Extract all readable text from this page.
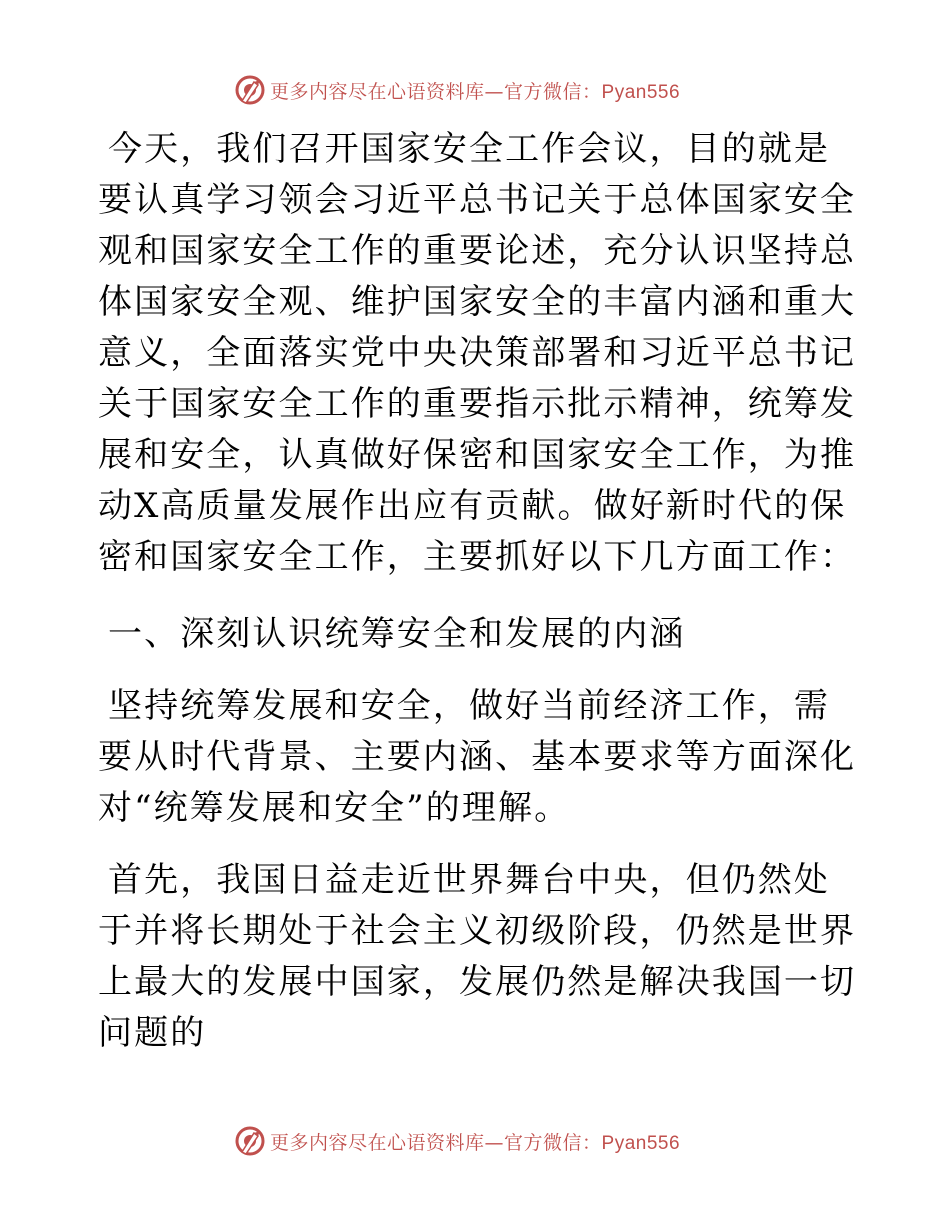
更多内容尽在心语资料库—官方微信：Pyan556

今天，我们召开国家安全工作会议，目的就是要认真学习领会习近平总书记关于总体国家安全观和国家安全工作的重要论述，充分认识坚持总体国家安全观、维护国家安全的丰富内涵和重大意义，全面落实党中央决策部署和习近平总书记关于国家安全工作的重要指示批示精神，统筹发展和安全，认真做好保密和国家安全工作，为推动X高质量发展作出应有贡献。做好新时代的保密和国家安全工作，主要抓好以下几方面工作：

一、深刻认识统筹安全和发展的内涵

坚持统筹发展和安全，做好当前经济工作，需要从时代背景、主要内涵、基本要求等方面深化对“统筹发展和安全”的理解。

首先，我国日益走近世界舞台中央，但仍然处于并将长期处于社会主义初级阶段，仍然是世界上最大的发展中国家，发展仍然是解决我国一切问题的

更多内容尽在心语资料库—官方微信：Pyan556
